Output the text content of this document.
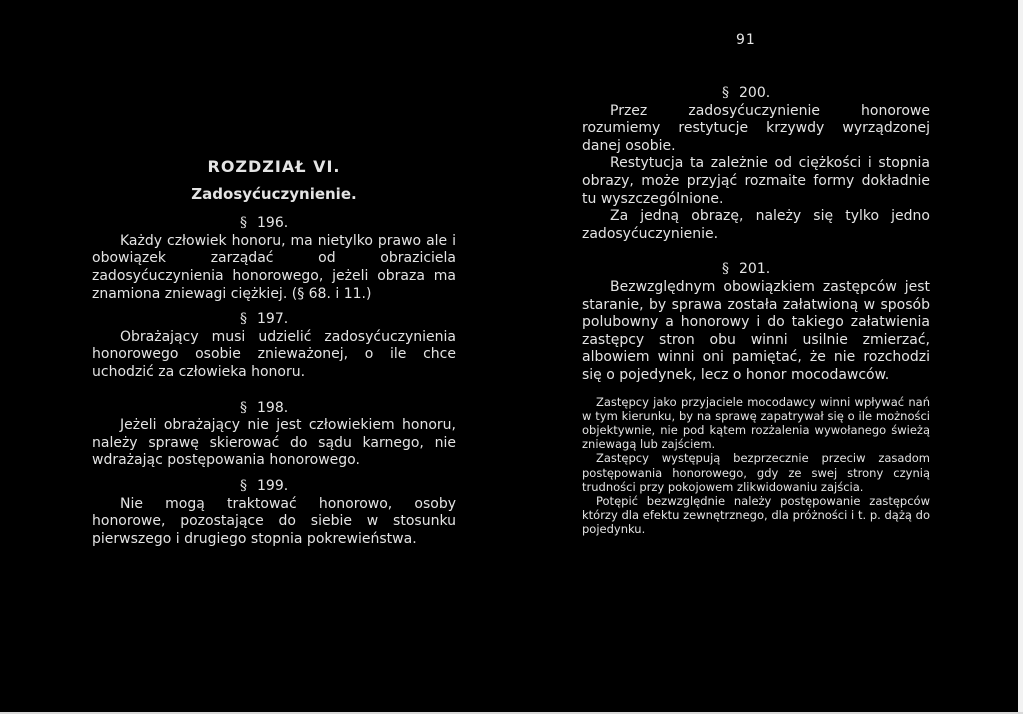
91

ROZDZIAŁ VI.

Zadosyćuczynienie.

§ 196.

Każdy człowiek honoru, ma nietylko prawo ale i obowiązek zarządać od obraziciela zadosyćuczynienia honorowego, jeżeli obraza ma znamiona zniewagi ciężkiej. (§ 68. i 11.)

§ 197.

Obrażający musi udzielić zadosyćuczynienia honorowego osobie znieważonej, o ile chce uchodzić za człowieka honoru.

§ 198.

Jeżeli obrażający nie jest człowiekiem honoru, należy sprawę skierować do sądu karnego, nie wdrażając postępowania honorowego.

§ 199.

Nie mogą traktować honorowo, osoby honorowe, pozostające do siebie w stosunku pierwszego i drugiego stopnia pokrewieństwa.

§ 200.

Przez zadosyćuczynienie honorowe rozumiemy restytucje krzywdy wyrządzonej danej osobie.

Restytucja ta zależnie od ciężkości i stopnia obrazy, może przyjąć rozmaite formy dokładnie tu wyszczególnione.

Za jedną obrazę, należy się tylko jedno zadosyćuczynienie.

§ 201.

Bezwzględnym obowiązkiem zastępców jest staranie, by sprawa została załatwioną w sposób polubowny a honorowy i do takiego załatwienia zastępcy stron obu winni usilnie zmierzać, albowiem winni oni pamiętać, że nie rozchodzi się o pojedynek, lecz o honor mocodawców.

Zastępcy jako przyjaciele mocodawcy winni wpływać nań w tym kierunku, by na sprawę zapatrywał się o ile możności objektywnie, nie pod kątem rozżalenia wywołanego świeżą zniewagą lub zajściem.

Zastępcy występują bezprzecznie przeciw zasadom postępowania honorowego, gdy ze swej strony czynią trudności przy pokojowem zlikwidowaniu zajścia.

Potępić bezwzględnie należy postępowanie zastępców którzy dla efektu zewnętrznego, dla próżności i t. p. dążą do pojedynku.
